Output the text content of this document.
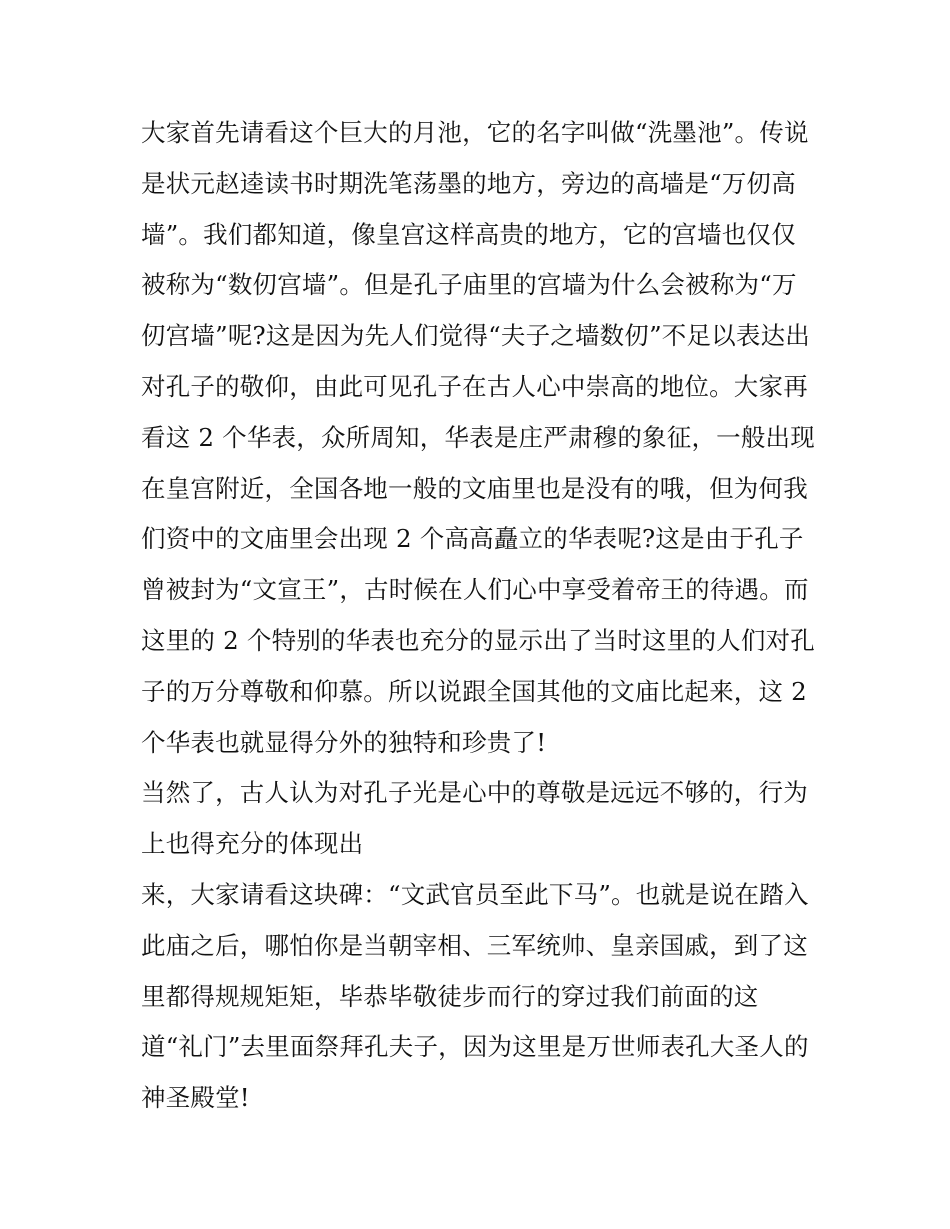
大家首先请看这个巨大的月池，它的名字叫做“洗墨池”。传说
是状元赵逵读书时期洗笔荡墨的地方，旁边的高墙是“万仞高
墙”。我们都知道，像皇宫这样高贵的地方，它的宫墙也仅仅
被称为“数仞宫墙”。但是孔子庙里的宫墙为什么会被称为“万
仞宫墙”呢?这是因为先人们觉得“夫子之墙数仞”不足以表达出
对孔子的敬仰，由此可见孔子在古人心中崇高的地位。大家再
看这 2 个华表，众所周知，华表是庄严肃穆的象征，一般出现
在皇宫附近，全国各地一般的文庙里也是没有的哦，但为何我
们资中的文庙里会出现 2 个高高矗立的华表呢?这是由于孔子
曾被封为“文宣王”，古时候在人们心中享受着帝王的待遇。而
这里的 2 个特别的华表也充分的显示出了当时这里的人们对孔
子的万分尊敬和仰慕。所以说跟全国其他的文庙比起来，这 2
个华表也就显得分外的独特和珍贵了!
当然了，古人认为对孔子光是心中的尊敬是远远不够的，行为
上也得充分的体现出
来，大家请看这块碑：“文武官员至此下马”。也就是说在踏入
此庙之后，哪怕你是当朝宰相、三军统帅、皇亲国戚，到了这
里都得规规矩矩，毕恭毕敬徒步而行的穿过我们前面的这
道“礼门”去里面祭拜孔夫子，因为这里是万世师表孔大圣人的
神圣殿堂!
